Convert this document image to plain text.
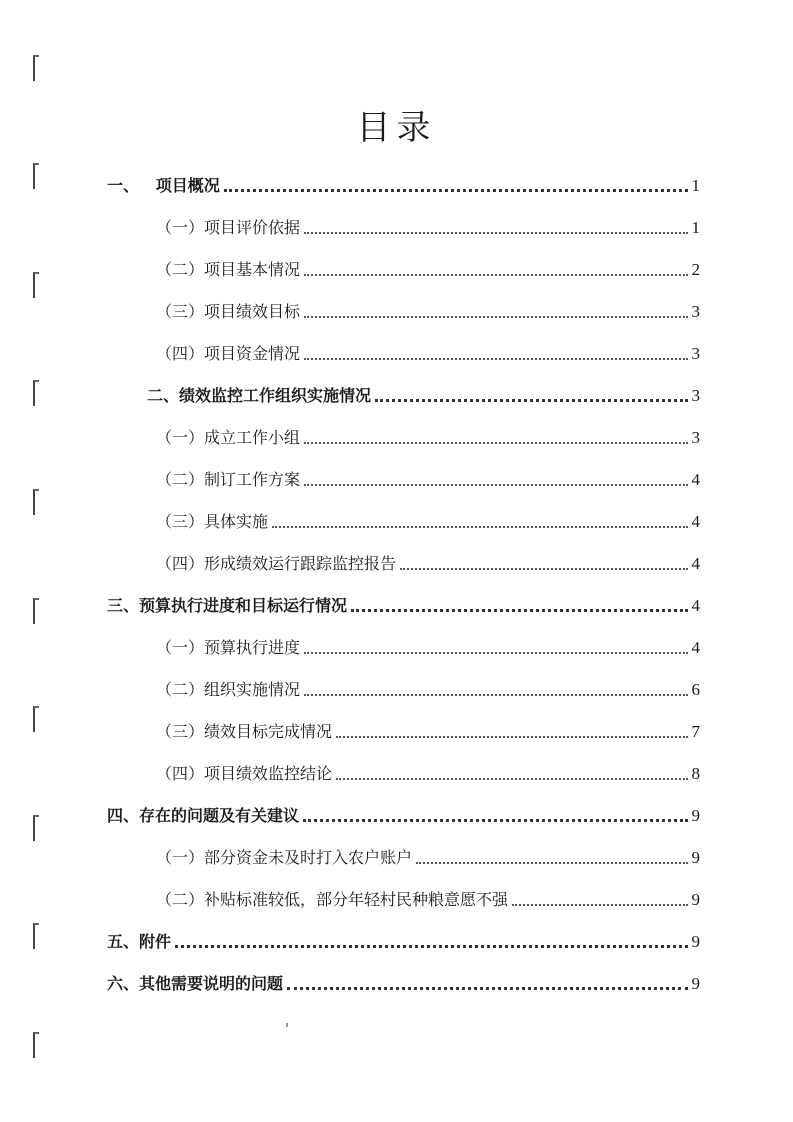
目录
一、   项目概况	1
（一）项目评价依据	1
（二）项目基本情况	2
（三）项目绩效目标	3
（四）项目资金情况	3
二、绩效监控工作组织实施情况	3
（一）成立工作小组	3
（二）制订工作方案	4
（三）具体实施	4
（四）形成绩效运行跟踪监控报告	4
三、预算执行进度和目标运行情况	4
（一）预算执行进度	4
（二）组织实施情况	6
（三）绩效目标完成情况	7
（四）项目绩效监控结论	8
四、存在的问题及有关建议	9
（一）部分资金未及时打入农户账户	9
（二）补贴标准较低，部分年轻村民种粮意愿不强	9
五、附件	9
六、其他需要说明的问题	9
